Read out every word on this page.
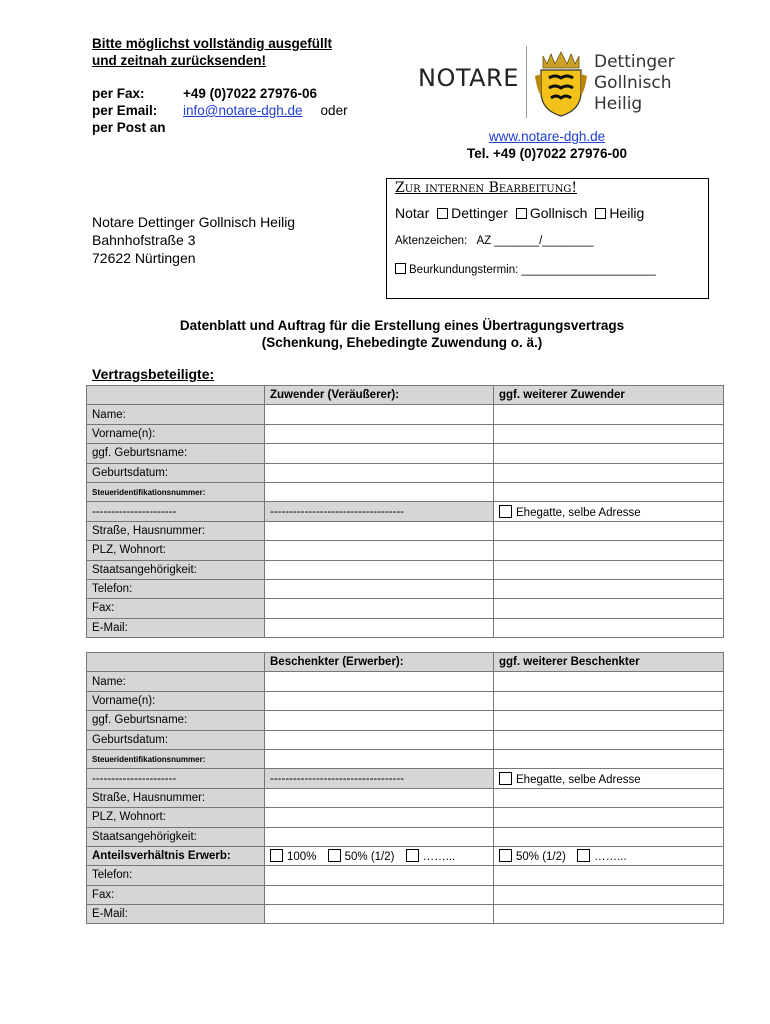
Bitte möglichst vollständig ausgefüllt
und zeitnah zurücksenden!
per Fax:	+49 (0)7022 27976-06
per Email: info@notare-dgh.de oder
per Post an
NOTARE
Dettinger
Gollnisch
Heilig
www.notare-dgh.de
Tel. +49 (0)7022 27976-00
Zur internen Bearbeitung!
Notar Dettinger Gollnisch Heilig
Aktenzeichen: AZ _______/________
Beurkundungstermin: _____________________
Notare Dettinger Gollnisch Heilig
Bahnhofstraße 3
72622 Nürtingen
Datenblatt und Auftrag für die Erstellung eines Übertragungsvertrags
(Schenkung, Ehebedingte Zuwendung o. ä.)
Vertragsbeteiligte:
	Zuwender (Veräußerer):	ggf. weiterer Zuwender
Name:		
Vorname(n):		
ggf. Geburtsname:		
Geburtsdatum:		
Steueridentifikationsnummer:		
----------------------	-----------------------------------	Ehegatte, selbe Adresse
Straße, Hausnummer:		
PLZ, Wohnort:		
Staatsangehörigkeit:		
Telefon:		
Fax:		
E-Mail:		
	Beschenkter (Erwerber):	ggf. weiterer Beschenkter
Name:		
Vorname(n):		
ggf. Geburtsname:		
Geburtsdatum:		
Steueridentifikationsnummer:		
----------------------	-----------------------------------	Ehegatte, selbe Adresse
Straße, Hausnummer:		
PLZ, Wohnort:		
Staatsangehörigkeit:		
Anteilsverhältnis Erwerb:	100% 50% (1/2) ……...	50% (1/2) ……...
Telefon:		
Fax:		
E-Mail:		
